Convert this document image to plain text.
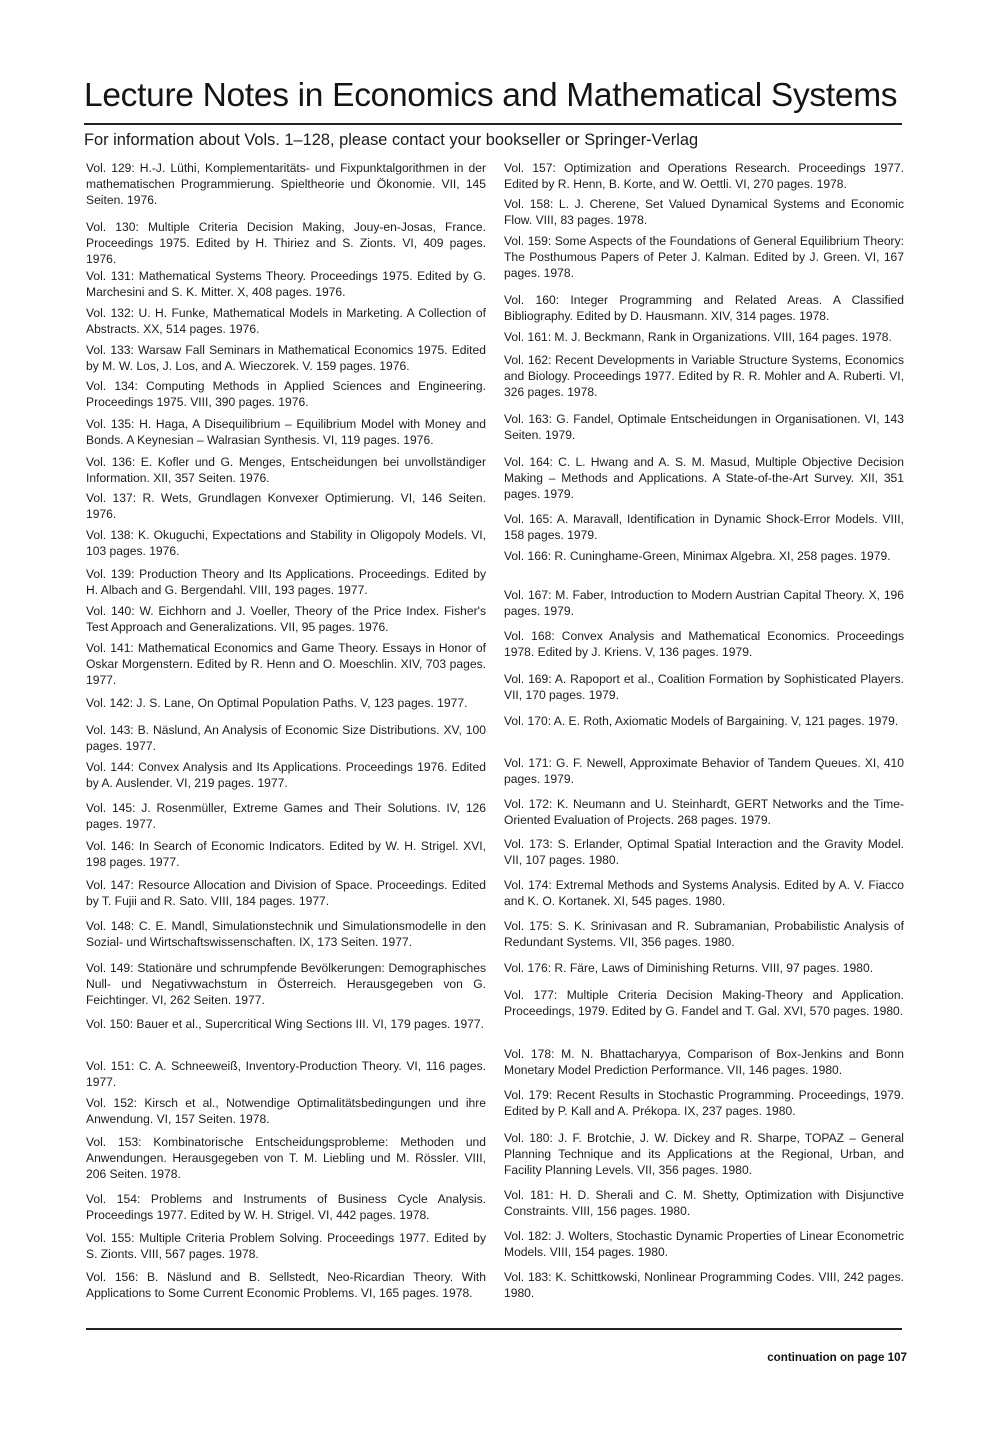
Lecture Notes in Economics and Mathematical Systems
For information about Vols. 1–128, please contact your bookseller or Springer-Verlag

Vol. 129: H.-J. Lüthi, Komplementaritäts- und Fixpunktalgorithmen in der mathematischen Programmierung. Spieltheorie und Ökonomie. VII, 145 Seiten. 1976.

Vol. 130: Multiple Criteria Decision Making, Jouy-en-Josas, France. Proceedings 1975. Edited by H. Thiriez and S. Zionts. VI, 409 pages. 1976.

Vol. 131: Mathematical Systems Theory. Proceedings 1975. Edited by G. Marchesini and S. K. Mitter. X, 408 pages. 1976.

Vol. 132: U. H. Funke, Mathematical Models in Marketing. A Collection of Abstracts. XX, 514 pages. 1976.

Vol. 133: Warsaw Fall Seminars in Mathematical Economics 1975. Edited by M. W. Los, J. Los, and A. Wieczorek. V. 159 pages. 1976.

Vol. 134: Computing Methods in Applied Sciences and Engineering. Proceedings 1975. VIII, 390 pages. 1976.

Vol. 135: H. Haga, A Disequilibrium – Equilibrium Model with Money and Bonds. A Keynesian – Walrasian Synthesis. VI, 119 pages. 1976.

Vol. 136: E. Kofler und G. Menges, Entscheidungen bei unvollständiger Information. XII, 357 Seiten. 1976.

Vol. 137: R. Wets, Grundlagen Konvexer Optimierung. VI, 146 Seiten. 1976.

Vol. 138: K. Okuguchi, Expectations and Stability in Oligopoly Models. VI, 103 pages. 1976.

Vol. 139: Production Theory and Its Applications. Proceedings. Edited by H. Albach and G. Bergendahl. VIII, 193 pages. 1977.

Vol. 140: W. Eichhorn and J. Voeller, Theory of the Price Index. Fisher's Test Approach and Generalizations. VII, 95 pages. 1976.

Vol. 141: Mathematical Economics and Game Theory. Essays in Honor of Oskar Morgenstern. Edited by R. Henn and O. Moeschlin. XIV, 703 pages. 1977.

Vol. 142: J. S. Lane, On Optimal Population Paths. V, 123 pages. 1977.

Vol. 143: B. Näslund, An Analysis of Economic Size Distributions. XV, 100 pages. 1977.

Vol. 144: Convex Analysis and Its Applications. Proceedings 1976. Edited by A. Auslender. VI, 219 pages. 1977.

Vol. 145: J. Rosenmüller, Extreme Games and Their Solutions. IV, 126 pages. 1977.

Vol. 146: In Search of Economic Indicators. Edited by W. H. Strigel. XVI, 198 pages. 1977.

Vol. 147: Resource Allocation and Division of Space. Proceedings. Edited by T. Fujii and R. Sato. VIII, 184 pages. 1977.

Vol. 148: C. E. Mandl, Simulationstechnik und Simulationsmodelle in den Sozial- und Wirtschaftswissenschaften. IX, 173 Seiten. 1977.

Vol. 149: Stationäre und schrumpfende Bevölkerungen: Demographisches Null- und Negativwachstum in Österreich. Herausgegeben von G. Feichtinger. VI, 262 Seiten. 1977.

Vol. 150: Bauer et al., Supercritical Wing Sections III. VI, 179 pages. 1977.

Vol. 151: C. A. Schneeweiß, Inventory-Production Theory. VI, 116 pages. 1977.

Vol. 152: Kirsch et al., Notwendige Optimalitätsbedingungen und ihre Anwendung. VI, 157 Seiten. 1978.

Vol. 153: Kombinatorische Entscheidungsprobleme: Methoden und Anwendungen. Herausgegeben von T. M. Liebling und M. Rössler. VIII, 206 Seiten. 1978.

Vol. 154: Problems and Instruments of Business Cycle Analysis. Proceedings 1977. Edited by W. H. Strigel. VI, 442 pages. 1978.

Vol. 155: Multiple Criteria Problem Solving. Proceedings 1977. Edited by S. Zionts. VIII, 567 pages. 1978.

Vol. 156: B. Näslund and B. Sellstedt, Neo-Ricardian Theory. With Applications to Some Current Economic Problems. VI, 165 pages. 1978.

Vol. 157: Optimization and Operations Research. Proceedings 1977. Edited by R. Henn, B. Korte, and W. Oettli. VI, 270 pages. 1978.

Vol. 158: L. J. Cherene, Set Valued Dynamical Systems and Economic Flow. VIII, 83 pages. 1978.

Vol. 159: Some Aspects of the Foundations of General Equilibrium Theory: The Posthumous Papers of Peter J. Kalman. Edited by J. Green. VI, 167 pages. 1978.

Vol. 160: Integer Programming and Related Areas. A Classified Bibliography. Edited by D. Hausmann. XIV, 314 pages. 1978.

Vol. 161: M. J. Beckmann, Rank in Organizations. VIII, 164 pages. 1978.

Vol. 162: Recent Developments in Variable Structure Systems, Economics and Biology. Proceedings 1977. Edited by R. R. Mohler and A. Ruberti. VI, 326 pages. 1978.

Vol. 163: G. Fandel, Optimale Entscheidungen in Organisationen. VI, 143 Seiten. 1979.

Vol. 164: C. L. Hwang and A. S. M. Masud, Multiple Objective Decision Making – Methods and Applications. A State-of-the-Art Survey. XII, 351 pages. 1979.

Vol. 165: A. Maravall, Identification in Dynamic Shock-Error Models. VIII, 158 pages. 1979.

Vol. 166: R. Cuninghame-Green, Minimax Algebra. XI, 258 pages. 1979.

Vol. 167: M. Faber, Introduction to Modern Austrian Capital Theory. X, 196 pages. 1979.

Vol. 168: Convex Analysis and Mathematical Economics. Proceedings 1978. Edited by J. Kriens. V, 136 pages. 1979.

Vol. 169: A. Rapoport et al., Coalition Formation by Sophisticated Players. VII, 170 pages. 1979.

Vol. 170: A. E. Roth, Axiomatic Models of Bargaining. V, 121 pages. 1979.

Vol. 171: G. F. Newell, Approximate Behavior of Tandem Queues. XI, 410 pages. 1979.

Vol. 172: K. Neumann and U. Steinhardt, GERT Networks and the Time-Oriented Evaluation of Projects. 268 pages. 1979.

Vol. 173: S. Erlander, Optimal Spatial Interaction and the Gravity Model. VII, 107 pages. 1980.

Vol. 174: Extremal Methods and Systems Analysis. Edited by A. V. Fiacco and K. O. Kortanek. XI, 545 pages. 1980.

Vol. 175: S. K. Srinivasan and R. Subramanian, Probabilistic Analysis of Redundant Systems. VII, 356 pages. 1980.

Vol. 176: R. Färe, Laws of Diminishing Returns. VIII, 97 pages. 1980.

Vol. 177: Multiple Criteria Decision Making-Theory and Application. Proceedings, 1979. Edited by G. Fandel and T. Gal. XVI, 570 pages. 1980.

Vol. 178: M. N. Bhattacharyya, Comparison of Box-Jenkins and Bonn Monetary Model Prediction Performance. VII, 146 pages. 1980.

Vol. 179: Recent Results in Stochastic Programming. Proceedings, 1979. Edited by P. Kall and A. Prékopa. IX, 237 pages. 1980.

Vol. 180: J. F. Brotchie, J. W. Dickey and R. Sharpe, TOPAZ – General Planning Technique and its Applications at the Regional, Urban, and Facility Planning Levels. VII, 356 pages. 1980.

Vol. 181: H. D. Sherali and C. M. Shetty, Optimization with Disjunctive Constraints. VIII, 156 pages. 1980.

Vol. 182: J. Wolters, Stochastic Dynamic Properties of Linear Econometric Models. VIII, 154 pages. 1980.

Vol. 183: K. Schittkowski, Nonlinear Programming Codes. VIII, 242 pages. 1980.

continuation on page 107
